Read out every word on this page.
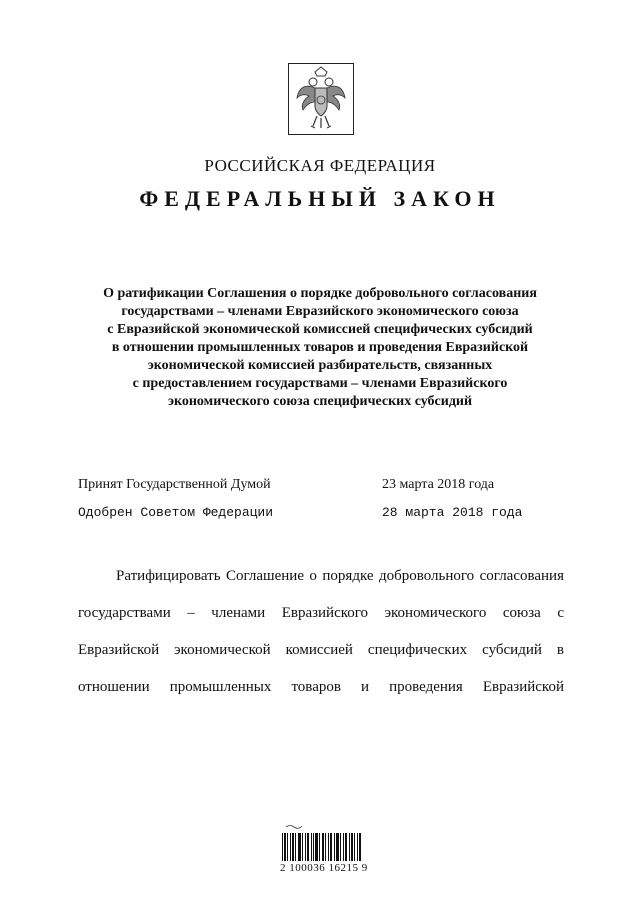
РОССИЙСКАЯ ФЕДЕРАЦИЯ
ФЕДЕРАЛЬНЫЙ ЗАКОН
О ратификации Соглашения о порядке добровольного согласования
государствами – членами Евразийского экономического союза
с Евразийской экономической комиссией специфических субсидий
в отношении промышленных товаров и проведения Евразийской
экономической комиссией разбирательств, связанных
с предоставлением государствами – членами Евразийского
экономического союза специфических субсидий
Принят Государственной Думой	23 марта 2018 года
Одобрен Советом Федерации	28 марта 2018 года
Ратифицировать Соглашение о порядке добровольного согласования
государствами – членами Евразийского экономического союза с
Евразийской экономической комиссией специфических субсидий в
отношении промышленных товаров и проведения Евразийской
2 100036 16215 9
